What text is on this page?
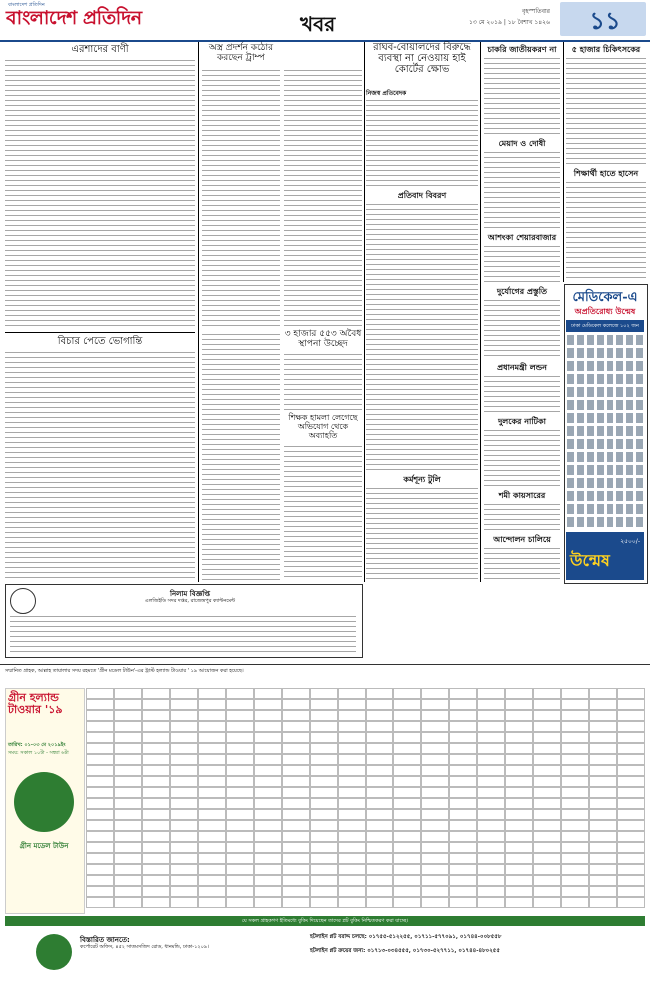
বাংলাদেশ প্রতিদিন
বাংলাদেশ প্রতিদিন	খবর
বৃহস্পতিবার
১৩ মে ২০১৯ | ১৮ বৈশাখ ১৪২৬	১১
এরশাদের বাণী
বিচার পেতে ভোগান্তি
অস্ত্র প্রদর্শন কঠোর করছেন ট্রাম্প
৩ হাজার ৫৫৩ অবৈধ স্থাপনা উচ্ছেদ
শিক্ষক হামলা লেগেছে অভিযোগ থেকে অব্যাহতি
রাঘব-বোয়ালদের বিরুদ্ধে ব্যবস্থা না নেওয়ায় হাই কোর্টের ক্ষোভ
নিজস্ব প্রতিবেদক
প্রতিবাদ বিবরণ
কর্মশূন্য টুলি
চাকরি জাতীয়করণ না
মেয়াদ ও দোষী
আশংকা শেয়ারবাজার
দুর্যোগের প্রস্তুতি
প্রধানমন্ত্রী লন্ডন
দুলকের নাটিকা
শমী কায়সারের
আন্দোলন চালিয়ে
৫ হাজার চিকিৎসকের
শিক্ষার্থী হাতে হাসেন
মেডিকেল-এ
অপ্রতিরোধ্য উন্মেষ
ঢাকা মেডিকেল কলেজে ১০২ জন
২৫০০/-
উন্মেষ
নিলাম বিজ্ঞপ্তি
এলজিইডি সদর দপ্তর, রাজেন্দ্রপুর ক্যান্টনমেন্ট
সম্মানিত গ্রাহক, আল্লাহ তায়ালার সদয় রহমতে 'গ্রীন মডেল টাউন'-এর ট্রাস্ট হল্যান্ড টাওয়ার ' ১৯ আয়োজন করা হয়েছে।
গ্রীন হল্যান্ড টাওয়ার '১৯
তারিখ: ০১-০৩ মে ২০১৯ইং
সময়: সকাল ১০টা - সন্ধ্যা ৬টা
গ্রীন মডেল টাউন
যে সকল গ্রাহকগণ ইতিমধ্যে বুকিং দিয়েছেন তাদের প্লট বুকিং নিশ্চিতকরণ করা যাচ্ছে।
বিস্তারিত জানতে:
কর্পোরেট অফিস, ৪৫২ সাতমসজিদ রোড, ধানমন্ডি, ঢাকা-১২০৯।
হটলাইন প্লট বরাদ্দ চলছে: ০১৭৫৫-৫১২২৫৫, ০১৭১১-৫৭৭০৯১, ০১৭৪৪-০০৮৫৫৮
হটলাইন প্লট ক্রয়ের জন্য: ০১৭১৩-০৩৪৫৫৫, ০১৭৩০-৫২৭৭১১, ০১৭৪৪-৪৮০২৫৫
